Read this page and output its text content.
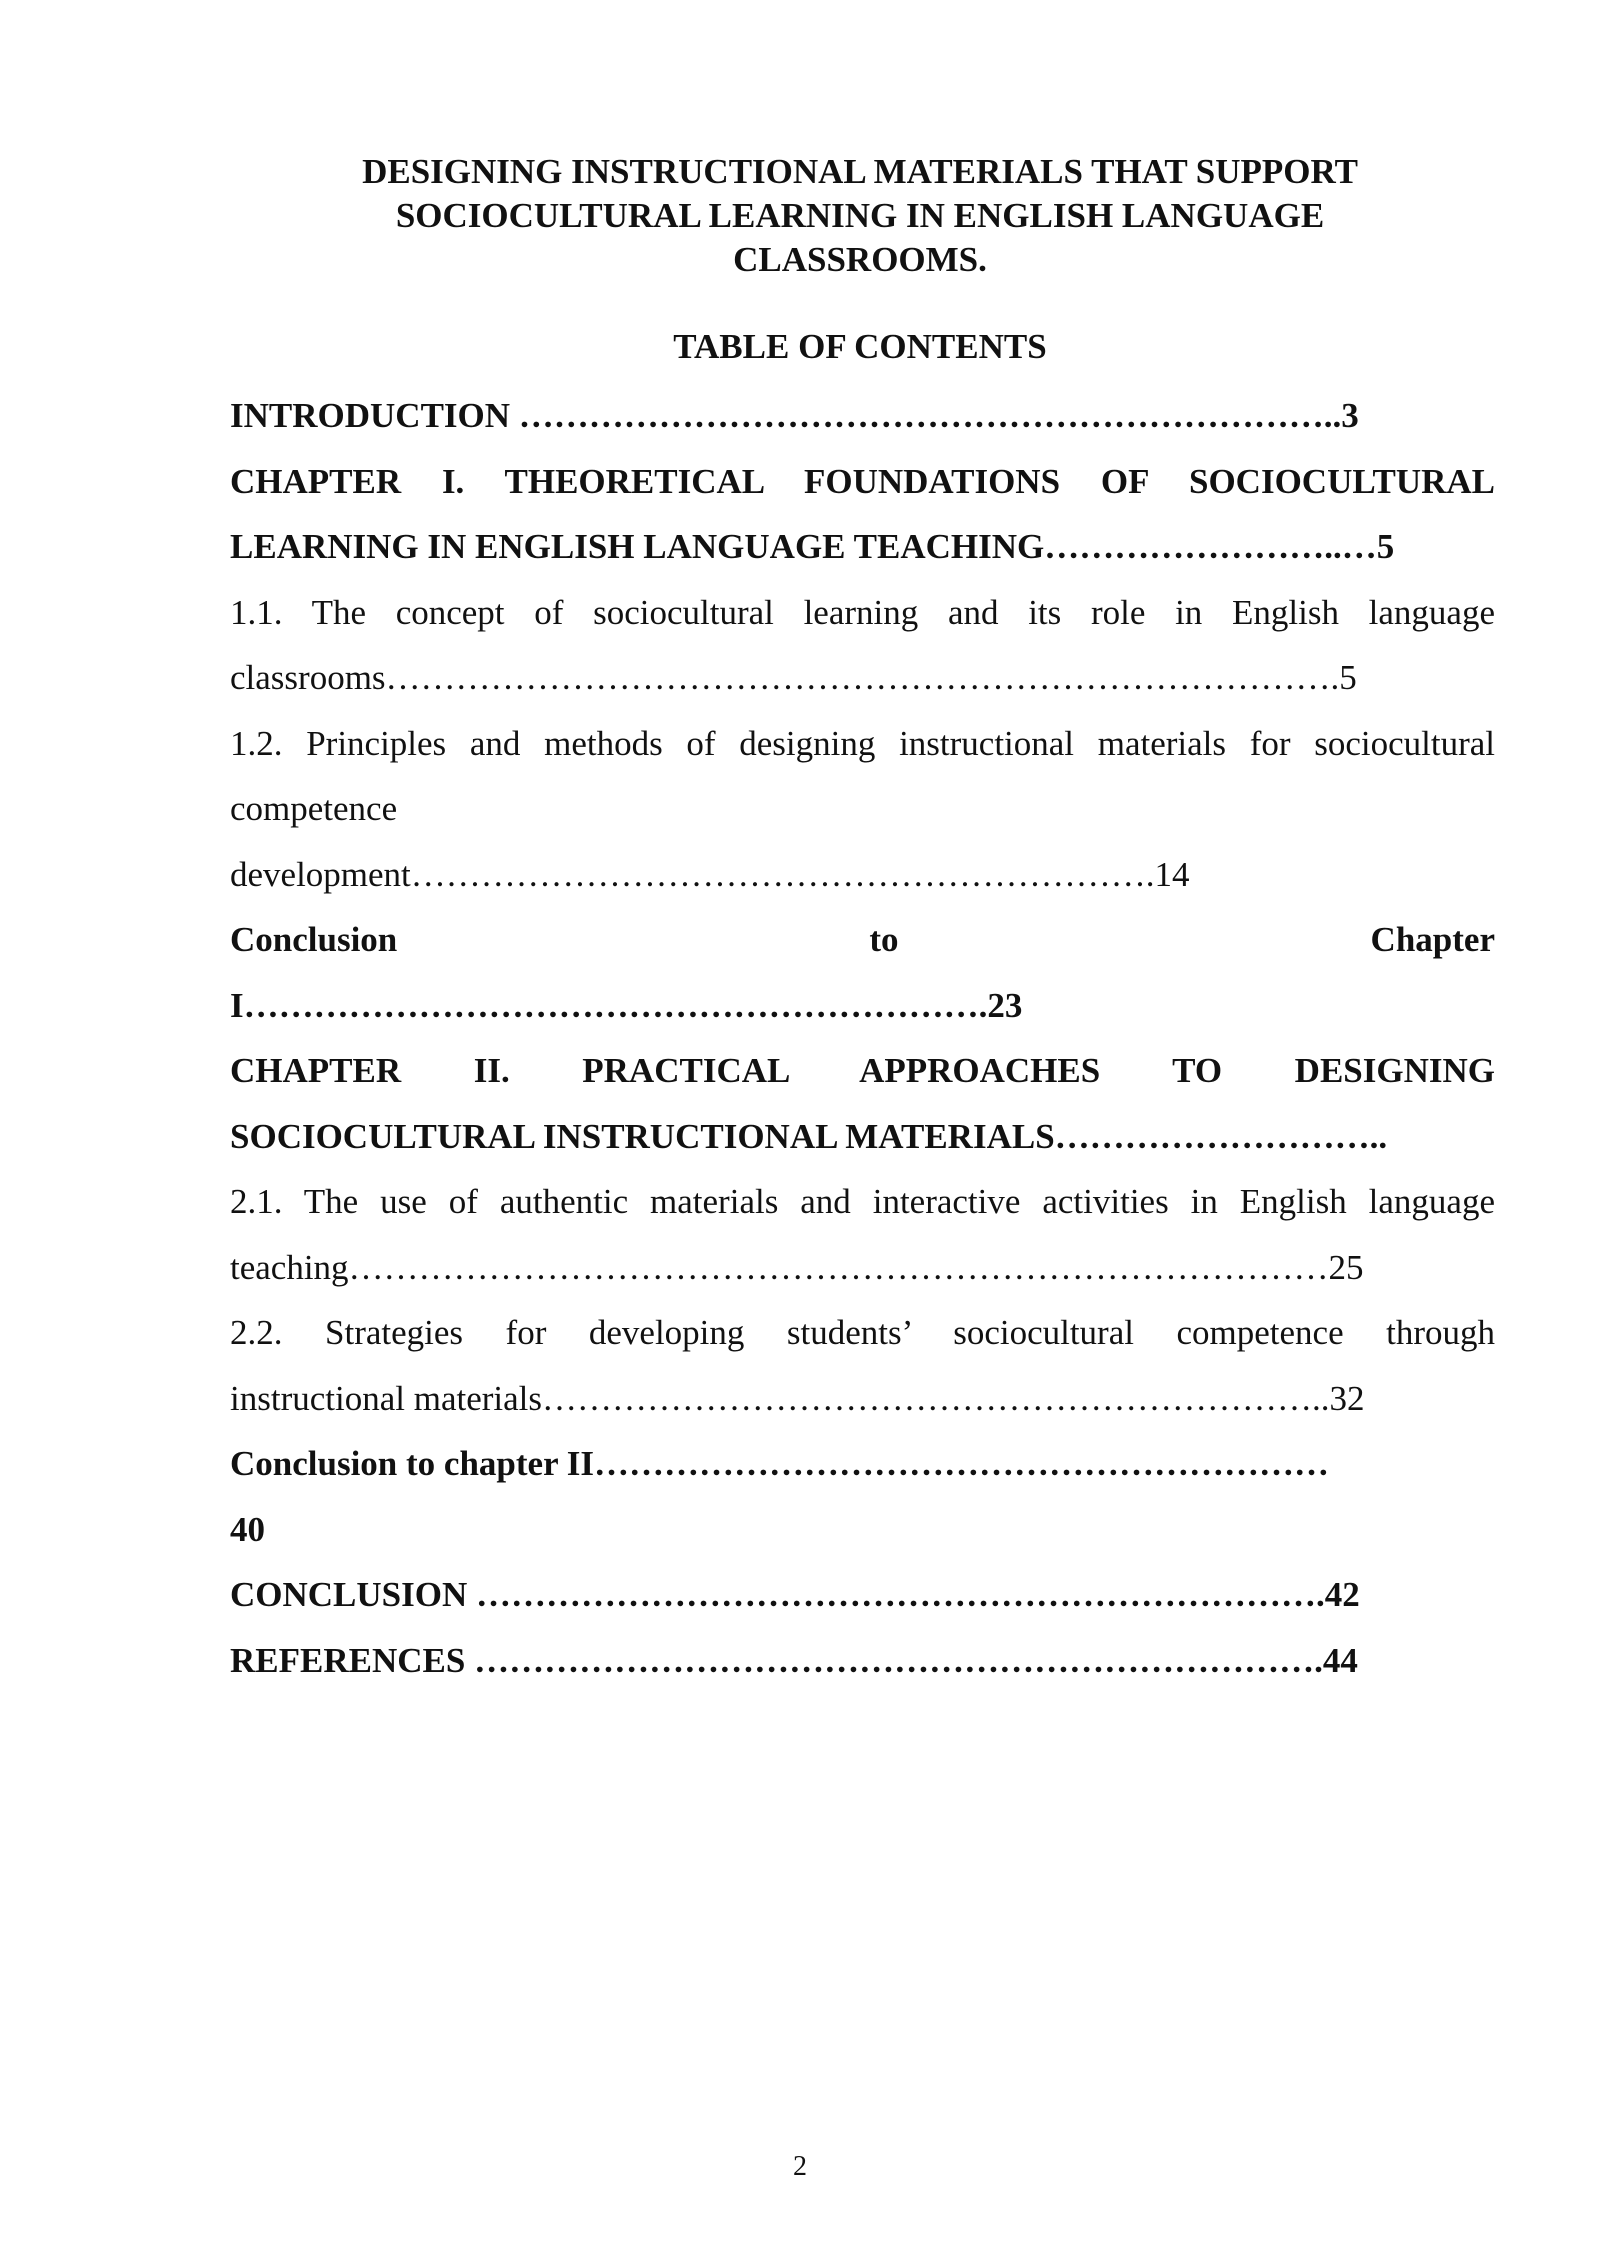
DESIGNING INSTRUCTIONAL MATERIALS THAT SUPPORT
SOCIOCULTURAL LEARNING IN ENGLISH LANGUAGE
CLASSROOMS.
TABLE OF CONTENTS
INTRODUCTION ……………………………………………………………..3
CHAPTER I. THEORETICAL FOUNDATIONS OF SOCIOCULTURAL
LEARNING IN ENGLISH LANGUAGE TEACHING……………………..…5
1.1. The concept of sociocultural learning and its role in English language
classrooms……………………………………………………………………….5
1.2. Principles and methods of designing instructional materials for sociocultural
competence
development……………………………………………………….14
Conclusion to Chapter
I……………………………………………………….23
CHAPTER II. PRACTICAL APPROACHES TO DESIGNING
SOCIOCULTURAL INSTRUCTIONAL MATERIALS………………………..
2.1. The use of authentic materials and interactive activities in English language
teaching…………………………………………………………………………25
2.2. Strategies for developing students’ sociocultural competence through
instructional materials…………………………………………………………..32
Conclusion to chapter II………………………………………………………
40
CONCLUSION ……………………………………………………………….42
REFERENCES ……………………………………………………………….44
2
